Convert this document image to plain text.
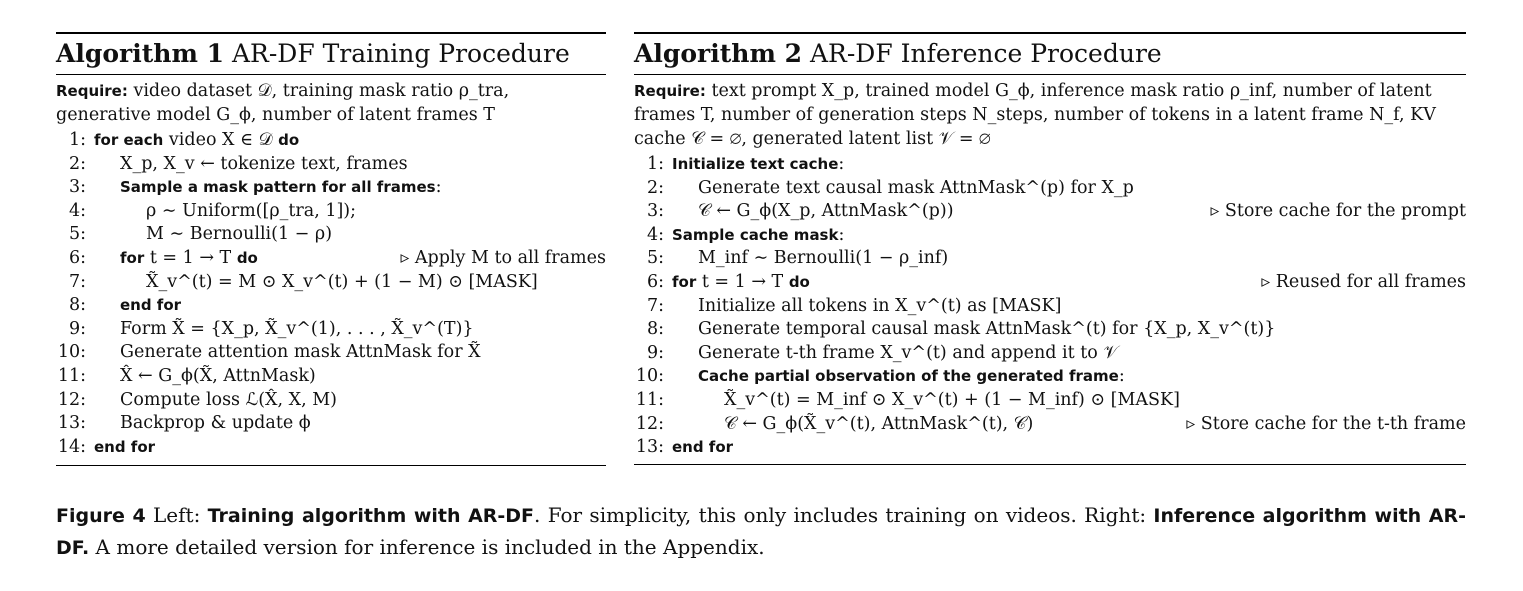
Algorithm 1 AR-DF Training Procedure
Require: video dataset 𝒟, training mask ratio ρ_tra, generative model G_ϕ, number of latent frames T
1: for each video X ∈ 𝒟 do
2: X_p, X_v ← tokenize text, frames
3: Sample a mask pattern for all frames:
4:	ρ ∼ Uniform([ρ_tra, 1]);
5:	M ∼ Bernoulli(1 − ρ)
6: for t = 1 → T do	▹ Apply M to all frames
7:	X̃_v^(t) = M ⊙ X_v^(t) + (1 − M) ⊙ [MASK]
8: end for
9: Form X̃ = {X_p, X̃_v^(1), . . . , X̃_v^(T)}
10: Generate attention mask AttnMask for X̃
11: X̂ ← G_ϕ(X̃, AttnMask)
12: Compute loss ℒ(X̂, X, M)
13: Backprop & update ϕ
14: end for
Algorithm 2 AR-DF Inference Procedure
Require: text prompt X_p, trained model G_ϕ, inference mask ratio ρ_inf, number of latent frames T, number of generation steps N_steps, number of tokens in a latent frame N_f, KV cache 𝒞 = ∅, generated latent list 𝒱 = ∅
1: Initialize text cache:
2: Generate text causal mask AttnMask^(p) for X_p
3: 𝒞 ← G_ϕ(X_p, AttnMask^(p))	▹ Store cache for the prompt
4: Sample cache mask:
5: M_inf ∼ Bernoulli(1 − ρ_inf)
6: for t = 1 → T do	▹ Reused for all frames
7: Initialize all tokens in X_v^(t) as [MASK]
8: Generate temporal causal mask AttnMask^(t) for {X_p, X_v^(t)}
9: Generate t-th frame X_v^(t) and append it to 𝒱
10: Cache partial observation of the generated frame:
11:	X̃_v^(t) = M_inf ⊙ X_v^(t) + (1 − M_inf) ⊙ [MASK]
12:	𝒞 ← G_ϕ(X̃_v^(t), AttnMask^(t), 𝒞)	▹ Store cache for the t-th frame
13: end for
Figure 4 Left: Training algorithm with AR-DF. For simplicity, this only includes training on videos. Right: Inference algorithm with AR-DF. A more detailed version for inference is included in the Appendix.
